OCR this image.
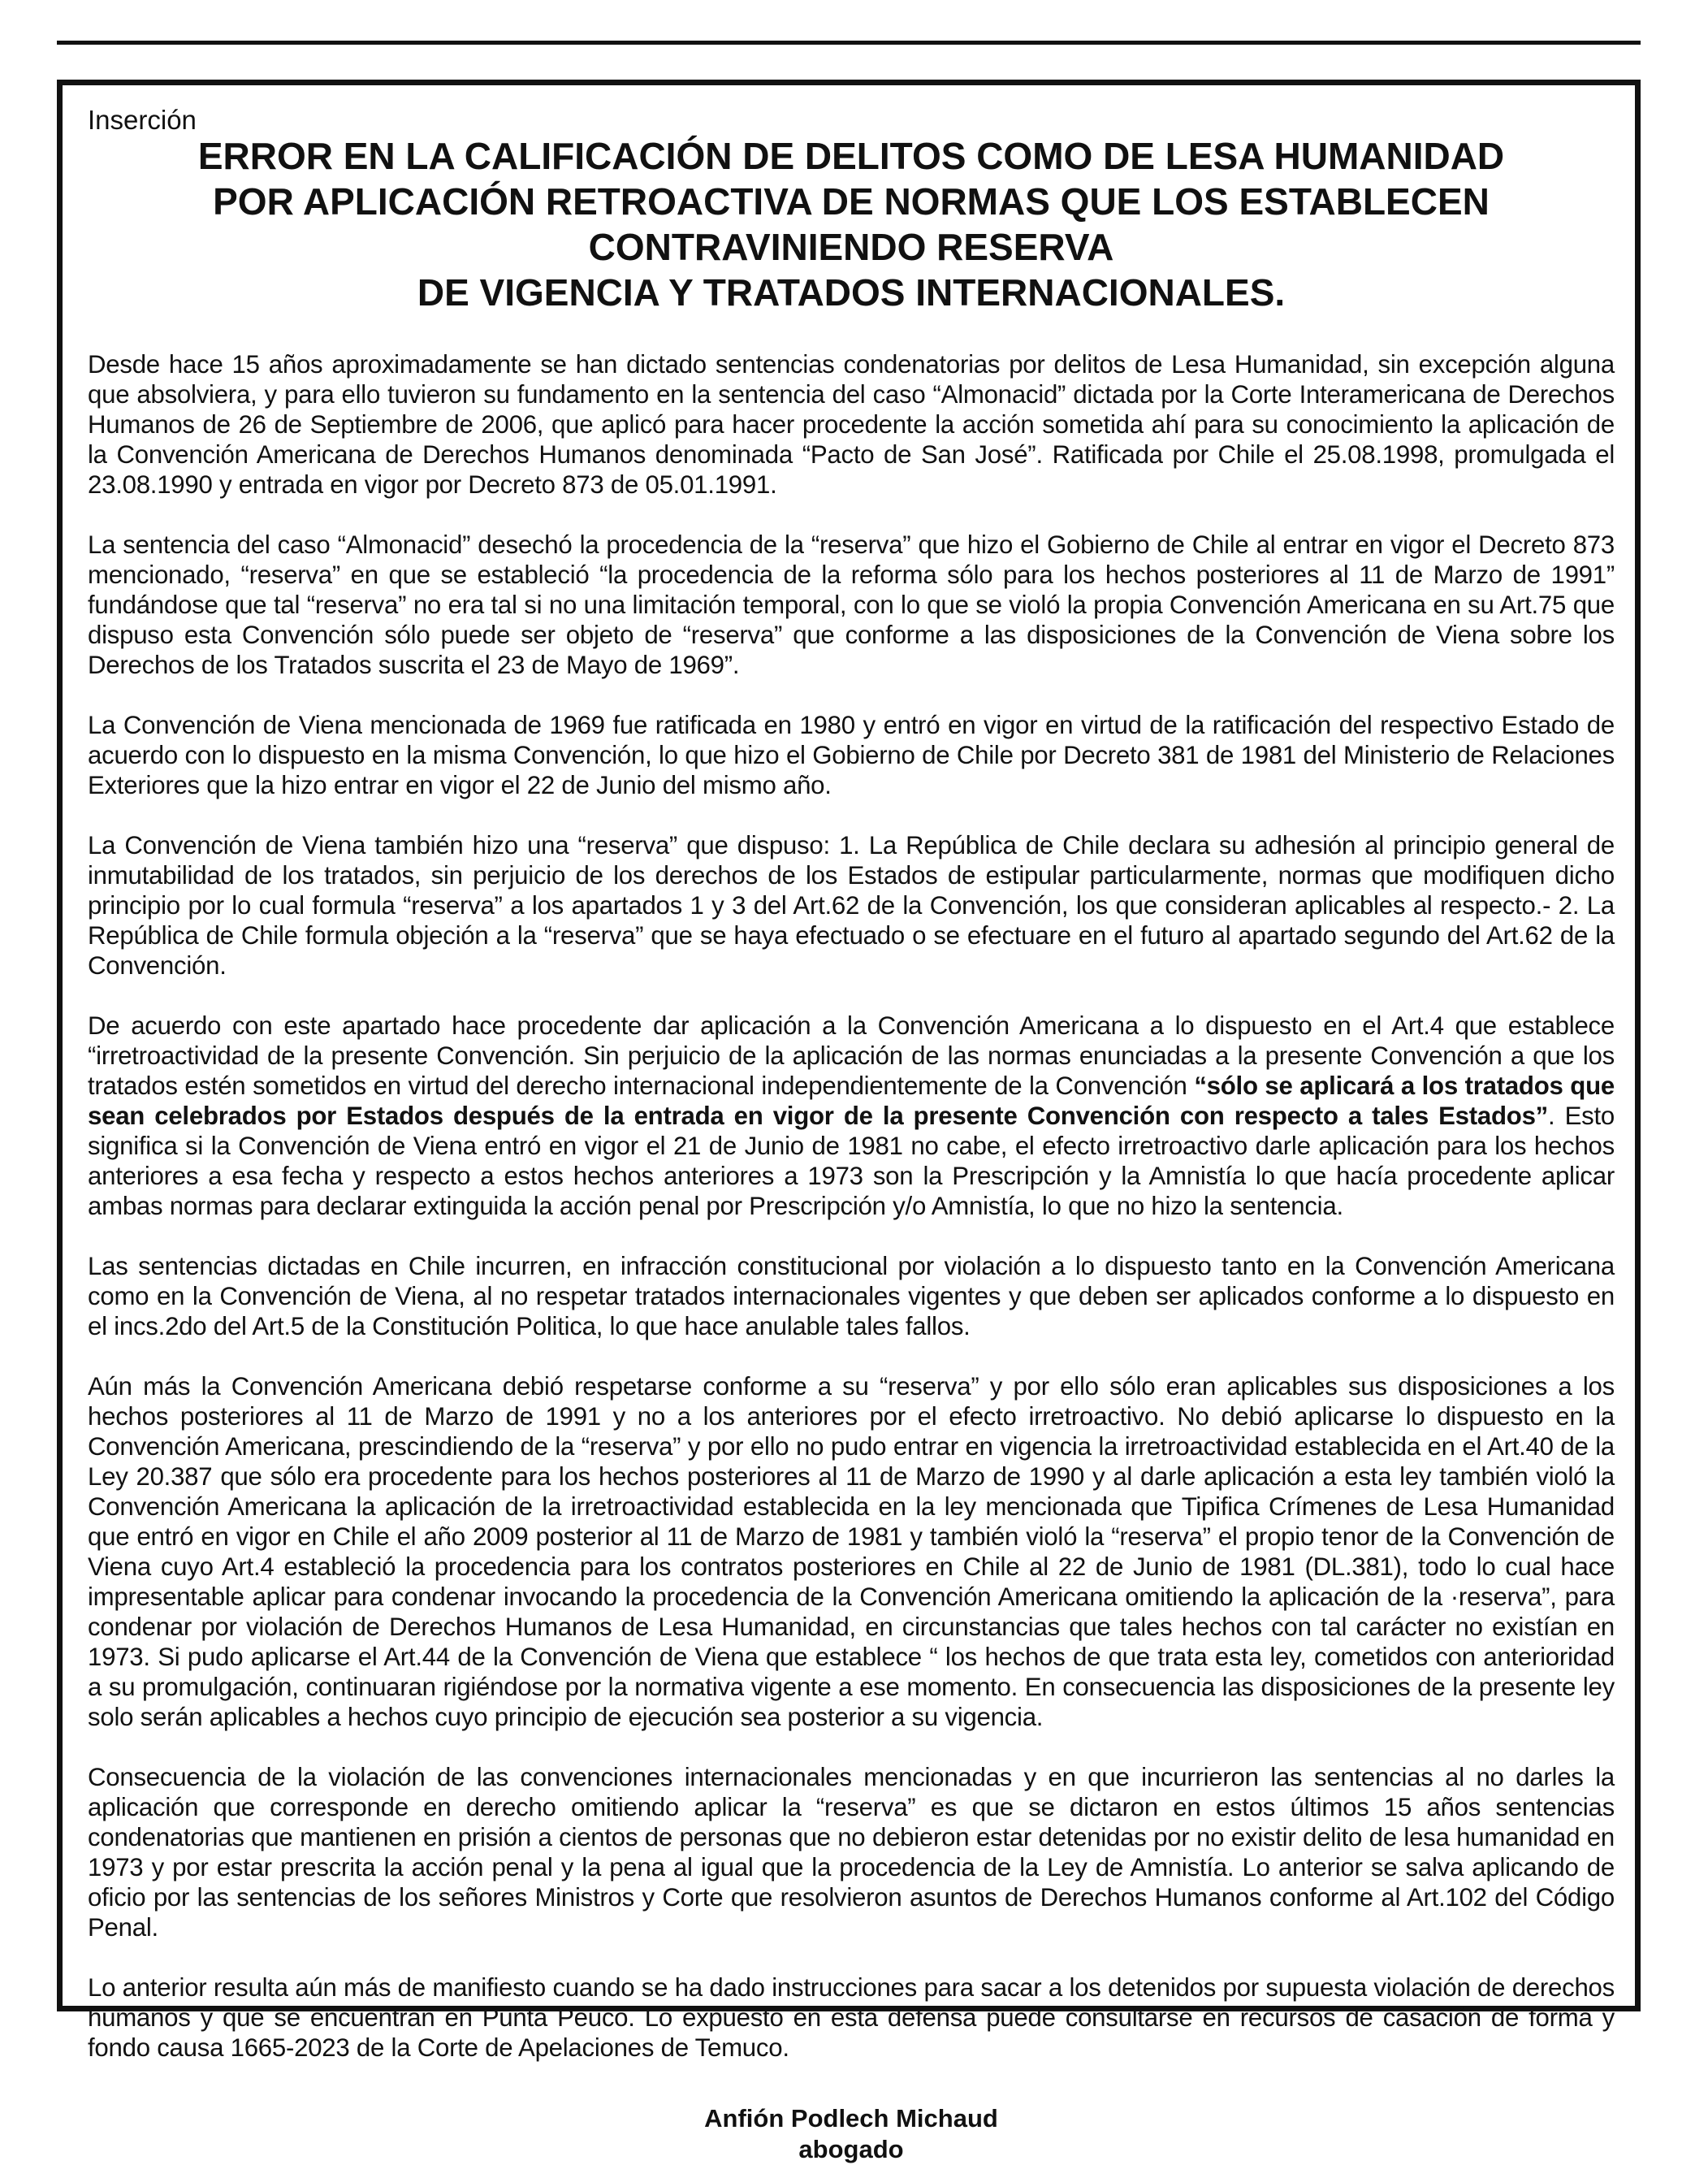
Inserción

ERROR EN LA CALIFICACIÓN DE DELITOS COMO DE LESA HUMANIDAD
POR APLICACIÓN RETROACTIVA DE NORMAS QUE LOS ESTABLECEN CONTRAVINIENDO RESERVA
DE VIGENCIA Y TRATADOS INTERNACIONALES.

Desde hace 15 años aproximadamente se han dictado sentencias condenatorias por delitos de Lesa Humanidad, sin excepción alguna que absolviera, y para ello tuvieron su fundamento en la sentencia del caso “Almonacid” dictada por la Corte Interamericana de Derechos Humanos de 26 de Septiembre de 2006, que aplicó para hacer procedente la acción sometida ahí para su conocimiento la aplicación de la Convención Americana de Derechos Humanos denominada “Pacto de San José”. Ratificada por Chile el 25.08.1998, promulgada el 23.08.1990 y entrada en vigor por Decreto 873 de 05.01.1991.

La sentencia del caso “Almonacid” desechó la procedencia de la “reserva” que hizo el Gobierno de Chile al entrar en vigor el Decreto 873 mencionado, “reserva” en que se estableció “la procedencia de la reforma sólo para los hechos posteriores al 11 de Marzo de 1991” fundándose que tal “reserva” no era tal si no una limitación temporal, con lo que se violó la propia Convención Americana en su Art.75 que dispuso esta Convención sólo puede ser objeto de “reserva” que conforme a las disposiciones de la Convención de Viena sobre los Derechos de los Tratados suscrita el 23 de Mayo de 1969”.

La Convención de Viena mencionada de 1969 fue ratificada en 1980 y entró en vigor en virtud de la ratificación del respectivo Estado de acuerdo con lo dispuesto en la misma Convención, lo que hizo el Gobierno de Chile por Decreto 381 de 1981 del Ministerio de Relaciones Exteriores que la hizo entrar en vigor el 22 de Junio del mismo año.

La Convención de Viena también hizo una “reserva” que dispuso: 1. La República de Chile declara su adhesión al principio general de inmutabilidad de los tratados, sin perjuicio de los derechos de los Estados de estipular particularmente, normas que modifiquen dicho principio por lo cual formula “reserva” a los apartados 1 y 3 del Art.62 de la Convención, los que consideran aplicables al respecto.- 2. La República de Chile formula objeción a la “reserva” que se haya efectuado o se efectuare en el futuro al apartado segundo del Art.62 de la Convención.

De acuerdo con este apartado hace procedente dar aplicación a la Convención Americana a lo dispuesto en el Art.4 que establece “irretroactividad de la presente Convención. Sin perjuicio de la aplicación de las normas enunciadas a la presente Convención a que los tratados estén sometidos en virtud del derecho internacional independientemente de la Convención “sólo se aplicará a los tratados que sean celebrados por Estados después de la entrada en vigor de la presente Convención con respecto a tales Estados”. Esto significa si la Convención de Viena entró en vigor el 21 de Junio de 1981 no cabe, el efecto irretroactivo darle aplicación para los hechos anteriores a esa fecha y respecto a estos hechos anteriores a 1973 son la Prescripción y la Amnistía lo que hacía procedente aplicar ambas normas para declarar extinguida la acción penal por Prescripción y/o Amnistía, lo que no hizo la sentencia.

Las sentencias dictadas en Chile incurren, en infracción constitucional por violación a lo dispuesto tanto en la Convención Americana como en la Convención de Viena, al no respetar tratados internacionales vigentes y que deben ser aplicados conforme a lo dispuesto en el incs.2do del Art.5 de la Constitución Politica, lo que hace anulable tales fallos.

Aún más la Convención Americana debió respetarse conforme a su “reserva” y por ello sólo eran aplicables sus disposiciones a los hechos posteriores al 11 de Marzo de 1991 y no a los anteriores por el efecto irretroactivo. No debió aplicarse lo dispuesto en la Convención Americana, prescindiendo de la “reserva” y por ello no pudo entrar en vigencia la irretroactividad establecida en el Art.40 de la Ley 20.387 que sólo era procedente para los hechos posteriores al 11 de Marzo de 1990 y al darle aplicación a esta ley también violó la Convención Americana la aplicación de la irretroactividad establecida en la ley mencionada que Tipifica Crímenes de Lesa Humanidad que entró en vigor en Chile el año 2009 posterior al 11 de Marzo de 1981 y también violó la “reserva” el propio tenor de la Convención de Viena cuyo Art.4 estableció la procedencia para los contratos posteriores en Chile al 22 de Junio de 1981 (DL.381), todo lo cual hace impresentable aplicar para condenar invocando la procedencia de la Convención Americana omitiendo la aplicación de la ·reserva”, para condenar por violación de Derechos Humanos de Lesa Humanidad, en circunstancias que tales hechos con tal carácter no existían en 1973. Si pudo aplicarse el Art.44 de la Convención de Viena que establece “ los hechos de que trata esta ley, cometidos con anterioridad a su promulgación, continuaran rigiéndose por la normativa vigente a ese momento. En consecuencia las disposiciones de la presente ley solo serán aplicables a hechos cuyo principio de ejecución sea posterior a su vigencia.

Consecuencia de la violación de las convenciones internacionales mencionadas y en que incurrieron las sentencias al no darles la aplicación que corresponde en derecho omitiendo aplicar la “reserva” es que se dictaron en estos últimos 15 años sentencias condenatorias que mantienen en prisión a cientos de personas que no debieron estar detenidas por no existir delito de lesa humanidad en 1973 y por estar prescrita la acción penal y la pena al igual que la procedencia de la Ley de Amnistía. Lo anterior se salva aplicando de oficio por las sentencias de los señores Ministros y Corte que resolvieron asuntos de Derechos Humanos conforme al Art.102 del Código Penal.

Lo anterior resulta aún más de manifiesto cuando se ha dado instrucciones para sacar a los detenidos por supuesta violación de derechos humanos y que se encuentran en Punta Peuco. Lo expuesto en esta defensa puede consultarse en recursos de casación de forma y fondo causa 1665-2023 de la Corte de Apelaciones de Temuco.

Anfión Podlech Michaud
abogado
